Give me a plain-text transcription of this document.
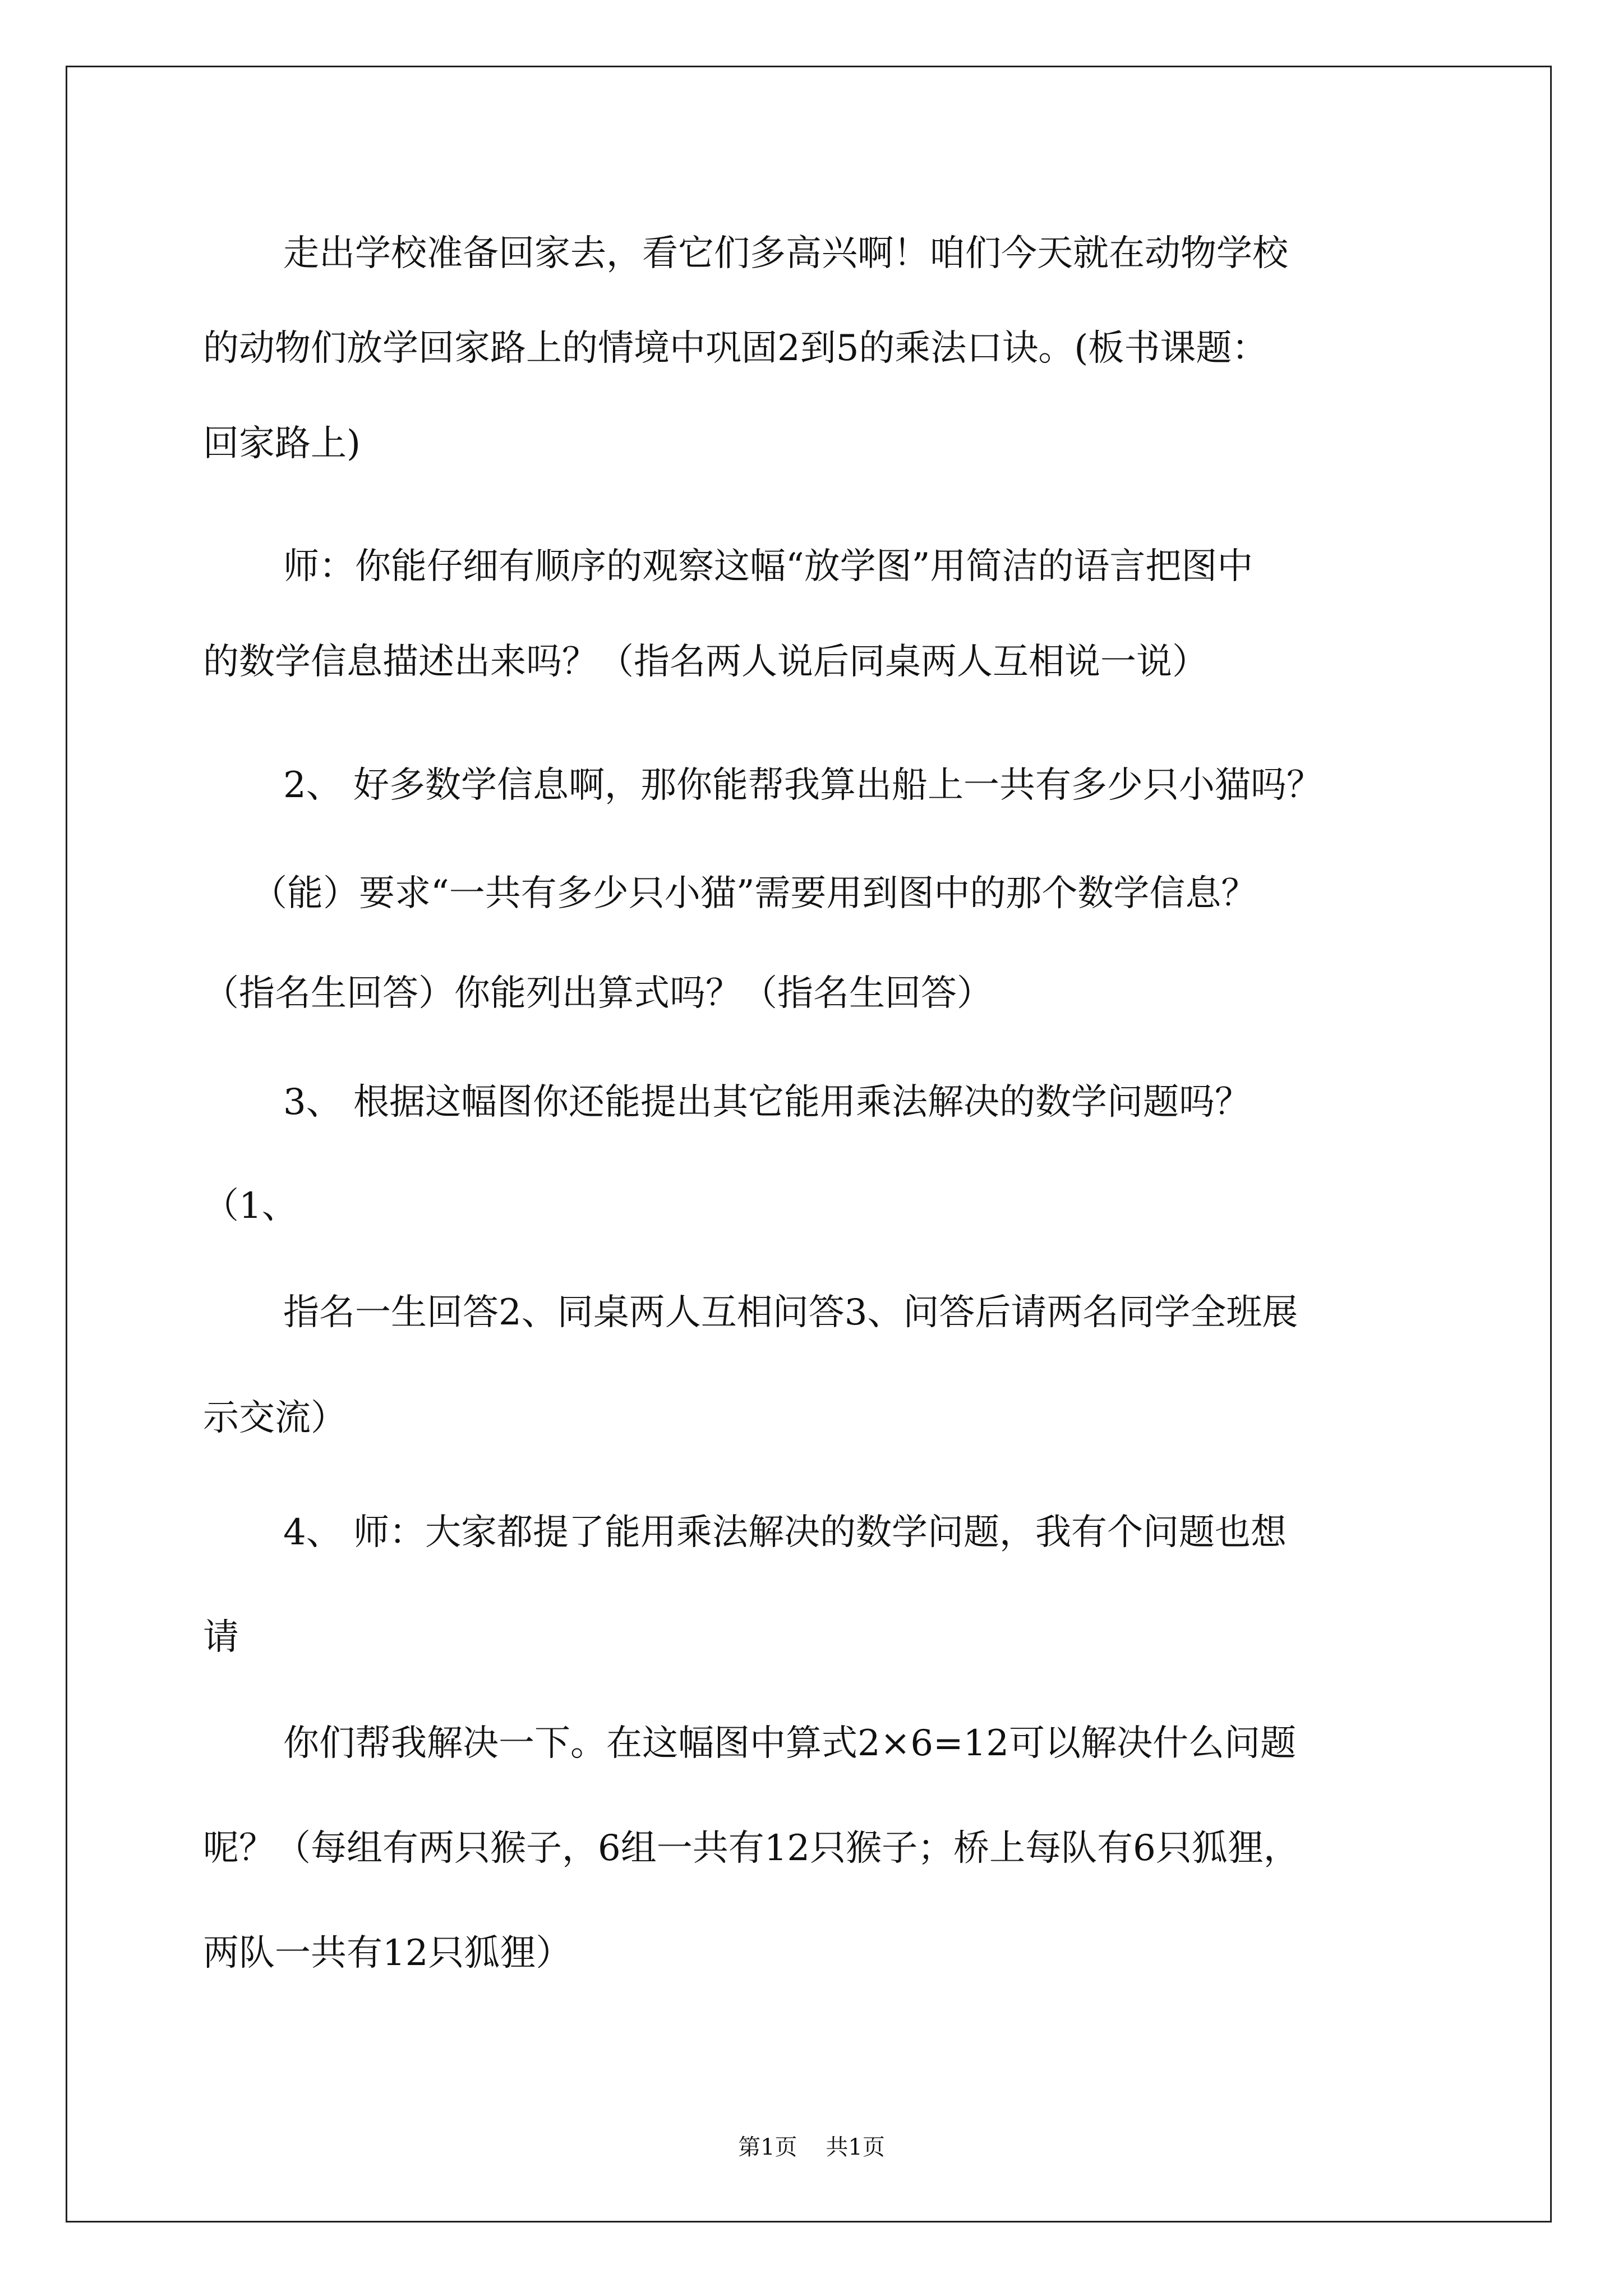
走出学校准备回家去，看它们多高兴啊！咱们今天就在动物学校
的动物们放学回家路上的情境中巩固2到5的乘法口诀。(板书课题：
回家路上)
师：你能仔细有顺序的观察这幅“放学图”用简洁的语言把图中
的数学信息描述出来吗？（指名两人说后同桌两人互相说一说）
2、 好多数学信息啊，那你能帮我算出船上一共有多少只小猫吗？
（能）要求“一共有多少只小猫”需要用到图中的那个数学信息？
（指名生回答）你能列出算式吗？（指名生回答）
3、 根据这幅图你还能提出其它能用乘法解决的数学问题吗？
（1、
指名一生回答2、同桌两人互相问答3、问答后请两名同学全班展
示交流）
4、 师：大家都提了能用乘法解决的数学问题，我有个问题也想
请
你们帮我解决一下。在这幅图中算式2×6=12可以解决什么问题
呢？（每组有两只猴子，6组一共有12只猴子；桥上每队有6只狐狸，
两队一共有12只狐狸）
第1页    共1页
